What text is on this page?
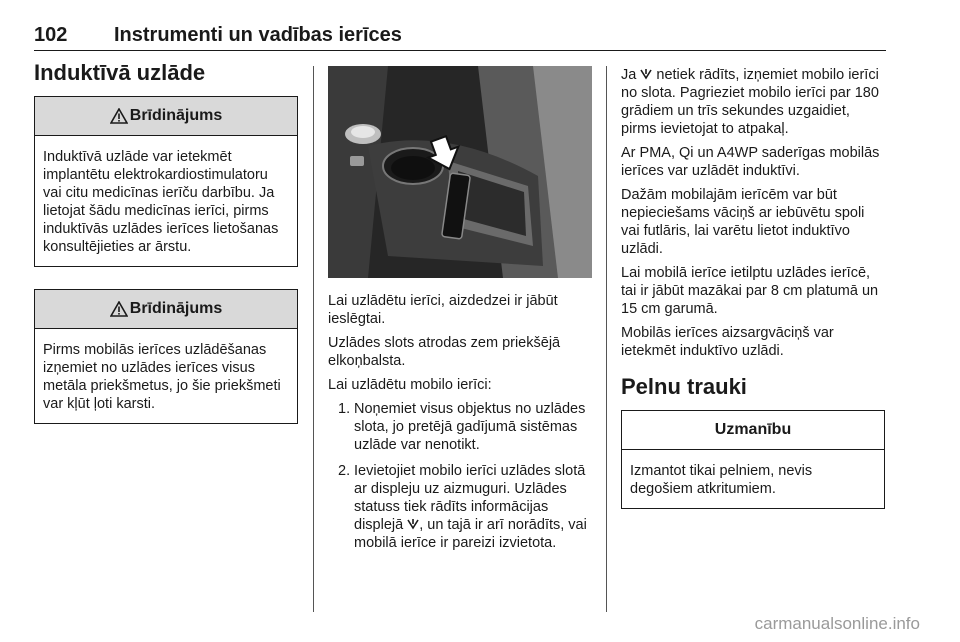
102 Instrumenti un vadības ierīces
Induktīvā uzlāde
Brīdinājums
Induktīvā uzlāde var ietekmēt implantētu elektrokardiostimulatoru vai citu medicīnas ierīču darbību. Ja lietojat šādu medicīnas ierīci, pirms induktīvās uzlādes ierīces lietošanas konsultējieties ar ārstu.
Brīdinājums
Pirms mobilās ierīces uzlādēšanas izņemiet no uzlādes ierīces visus metāla priekšmetus, jo šie priekšmeti var kļūt ļoti karsti.

Lai uzlādētu ierīci, aizdedzei ir jābūt ieslēgtai.

Uzlādes slots atrodas zem priekšējā elkoņbalsta.

Lai uzlādētu mobilo ierīci:

1. Noņemiet visus objektus no uzlādes slota, jo pretējā gadījumā sistēmas uzlāde var nenotikt.
2. Ievietojiet mobilo ierīci uzlādes slotā ar displeju uz aizmuguri. Uzlādes statuss tiek rādīts informācijas displejā , un tajā ir arī norādīts, vai mobilā ierīce ir pareizi izvietota.

Ja netiek rādīts, izņemiet mobilo ierīci no slota. Pagrieziet mobilo ierīci par 180 grādiem un trīs sekundes uzgaidiet, pirms ievietojat to atpakaļ.

Ar PMA, Qi un A4WP saderīgas mobilās ierīces var uzlādēt induktīvi.

Dažām mobilajām ierīcēm var būt nepieciešams vāciņš ar iebūvētu spoli vai futlāris, lai varētu lietot induktīvo uzlādi.

Lai mobilā ierīce ietilptu uzlādes ierīcē, tai ir jābūt mazākai par 8 cm platumā un 15 cm garumā.

Mobilās ierīces aizsargvāciņš var ietekmēt induktīvo uzlādi.

Pelnu trauki
Uzmanību
Izmantot tikai pelniem, nevis degošiem atkritumiem.
carmanualsonline.info
